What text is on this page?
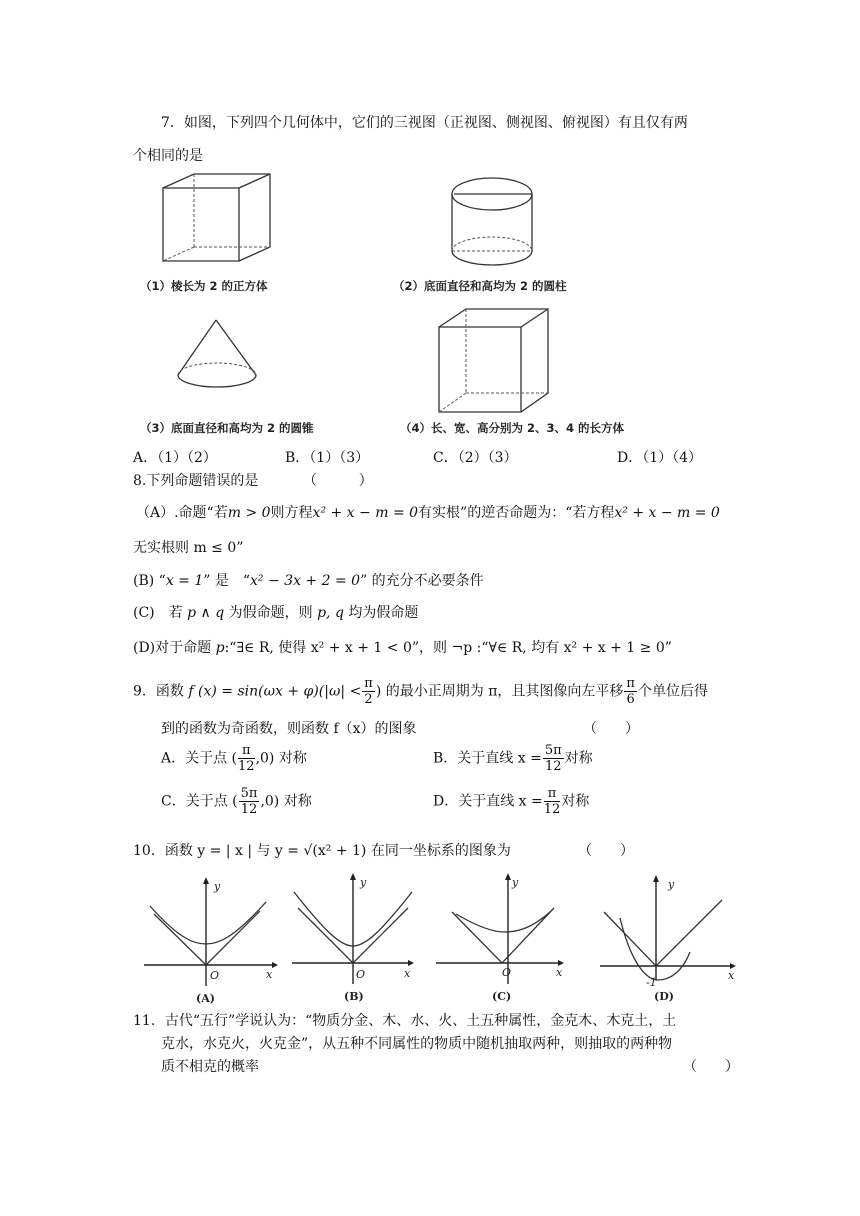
7．如图，下列四个几何体中，它们的三视图（正视图、侧视图、俯视图）有且仅有两
个相同的是
（1）棱长为 2 的正方体	（2）底面直径和高均为 2 的圆柱
（3）底面直径和高均为 2 的圆锥	（4）长、宽、高分别为 2、3、4 的长方体
A．（1）（2）	B．（1）（3）	C．（2）（3）	D．（1）（4）
8.下列命题错误的是	（　　　）
（A）.命题“若m > 0则方程x² + x − m = 0有实根”的逆否命题为：“若方程x² + x − m = 0
无实根则 m ≤ 0”
(B) “x = 1” 是　“x² − 3x + 2 = 0” 的充分不必要条件
(C)　若 p ∧ q 为假命题，则 p, q 均为假命题
(D)对于命题 p:“∃∈ R, 使得 x² + x + 1 < 0”，则 ¬p :“∀∈ R, 均有 x² + x + 1 ≥ 0”
9．函数 f $(x) = \sin(\omega x + \varphi)(|\omega| < \frac{\pi}{2}$ ) 的最小正周期为 π，且其图像向左平移 $\frac{\pi}{6}$ 个单位后得
到的函数为奇函数，则函数 f（x）的图象	（　　）
A．关于点 ( $\frac{\pi}{12} ,0$) 对称	B．关于直线 $x = \frac{5\pi}{12}$ 对称
C．关于点 ( $\frac{5\pi}{12} ,0$) 对称	D．关于直线 $x = \frac{\pi}{12}$ 对称
10．函数 y = | x | 与 y = √(x² + 1) 在同一坐标系的图象为	（　　）
y
x
O
(A)
y
x
O
(B)
y
x
O
(C)
y
x
-1
(D)
11．古代“五行”学说认为：“物质分金、木、水、火、土五种属性，金克木、木克土，土
克水，水克火，火克金”，从五种不同属性的物质中随机抽取两种，则抽取的两种物
质不相克的概率	（　　）
